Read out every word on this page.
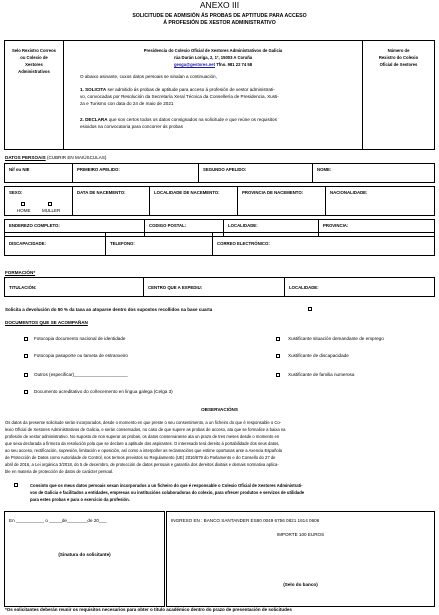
ANEXO III
SOLICITUDE DE ADMISIÓN ÁS PROBAS DE APTITUDE PARA ACCESO
Á PROFESIÓN DE XESTOR ADMINISTRATIVO
Selo Rexistro Correos
ou Colexio de
Xestores
Administrativos
Presidencia do Colexio Oficial de Xestores Administrativos de Galicia
rúa Durán Loriga, 2, 1º, 15003 A Coruña
gesga@gestores.net Tfno. 981 22 74 58
O abaixo asinante, cuxos datos persoais se sinalan a continuación,
1. SOLICITA ser admitido ás probas de aptitude para acceso á profesión de xestor administrati-
vo, convocadas por Resolución da Secretaría Xeral Técnica da Consellería de Presidencia, Xusti-
za e Turismo con data do 24 de maio de 2021
2. DECLARA que son certos todos os datos consignados na solicitude e que reúne os requisitos
esixidos na convocatoria para concorrer ás probas
Número de
Rexistro do Colexio
Oficial de Xestores
DATOS PERSOAIS (CUBRIR EN MAIÚSCULAS)
Nif ou NIE	PRIMEIRO APELIDO:	SEGUNDO APELIDO:	NOME:
SEXO:
HOME	MULLER
DATA DE NACEMENTO:	LOCALIDADE DE NACEMENTO:	PROVINCIA DE NACEMENTO:	NACIONALIDADE:
ENDEREZO COMPLETO:	CODIGO POSTAL:	LOCALIDADE:	PROVINCIA:
DISCAPACIDADE:	TELEFONO:	CORREO ELECTRÓNICO:
FORMACIÓN*
TITULACIÓN:	CENTRO QUE A EXPEDIU:	LOCALIDADE:
Solicita a devolución do 50 % da taxa ao atoparse dentro dos supostos recollidos na base cuarta
DOCUMENTOS QUE SE ACOMPAÑAN
Fotocopia documento nacional de identidade
Fotocopia pasaporte ou tarxeta de estranxeiro
Outros (especificar)_____________________
Documento acreditativo do coñecemento en lingua galega (Celga 3)
Xustificante situación demandante de emprego
Xustificante de discapacidade
Xustificante de familia numerosa
OBSERVACIÓNS
Os datos da presente solicitude serán incorporados, desde o momento en que preste o seu consentimento, a un ficheiro do que é responsable o Co-
lexio Oficial de Xestores Administrativos de Galicia, e serán conservados, no caso de que supere as probas de acceso, ata que se formalice a baixa na
profesión de xestor administrativo. No suposto de non superar as probas, os datos conservaranse ata un prazo de tres meses desde o momento en
que sexa declarada a firmeza da resolución pola que se declare a aptitude dos aspirantes. O interesado terá dereito á portabilidade dos seus datos,
ao seu acceso, rectificación, supresión, limitación e oposición, así como a interpoñer as reclamacións que estime oportunas ante a Axencia Española
de Protección de Datos como Autoridade de Control, nos termos previstos no Regulamento (UE) 2016/679 do Parlamento e do Consello do 27 de
abril de 2016, a Lei orgánica 3/2018, do 5 de decembro, de protección de datos persoais e garantía dos dereitos dixitais e demais normativa aplica-
ble en materia de protección de datos de carácter persoal.
Consinto que os meus datos persoais sexan incorporados a un ficheiro do que é responsable o Colexio Oficial de Xestores Administrati-
vos de Galicia e facilitados a entidades, empresas ou institucións colaboradoras do colexio, para ofrecer produtos e servizos de utilidade
para estes probas e para o exercicio da profesión.
En ___________ o _____de________de 20___
(Sinatura do solicitante)
INGRESO EN : BANCO SANTANDER ES80 0049 6756 0821 1614 0606
IMPORTE 100 EUROS
(Selo do banco)
*Os solicitantes deberán reunir os requisitos necesarios para obter o título académico dentro do prazo de presentación de solicitudes
